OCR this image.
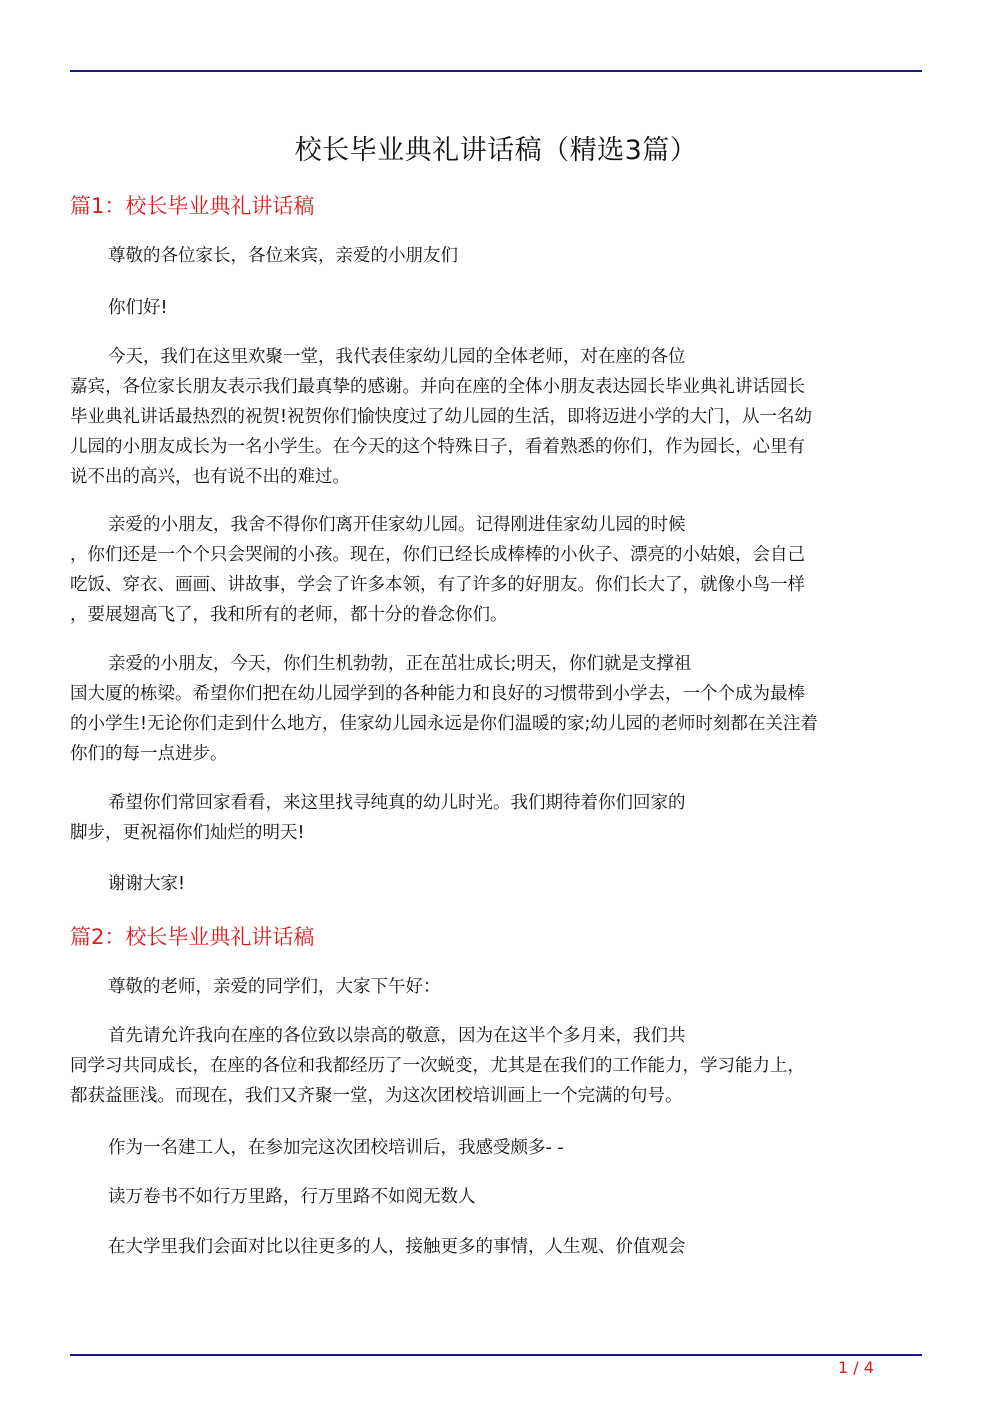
校长毕业典礼讲话稿（精选3篇）
篇1：校长毕业典礼讲话稿
尊敬的各位家长，各位来宾，亲爱的小朋友们
你们好!
今天，我们在这里欢聚一堂，我代表佳家幼儿园的全体老师，对在座的各位
嘉宾，各位家长朋友表示我们最真挚的感谢。并向在座的全体小朋友表达园长毕业典礼讲话园长
毕业典礼讲话最热烈的祝贺!祝贺你们愉快度过了幼儿园的生活，即将迈进小学的大门，从一名幼
儿园的小朋友成长为一名小学生。在今天的这个特殊日子，看着熟悉的你们，作为园长，心里有
说不出的高兴，也有说不出的难过。
亲爱的小朋友，我舍不得你们离开佳家幼儿园。记得刚进佳家幼儿园的时候
，你们还是一个个只会哭闹的小孩。现在，你们已经长成棒棒的小伙子、漂亮的小姑娘，会自己
吃饭、穿衣、画画、讲故事，学会了许多本领，有了许多的好朋友。你们长大了，就像小鸟一样
，要展翅高飞了，我和所有的老师，都十分的眷念你们。
亲爱的小朋友，今天，你们生机勃勃，正在茁壮成长;明天，你们就是支撑祖
国大厦的栋梁。希望你们把在幼儿园学到的各种能力和良好的习惯带到小学去，一个个成为最棒
的小学生!无论你们走到什么地方，佳家幼儿园永远是你们温暖的家;幼儿园的老师时刻都在关注着
你们的每一点进步。
希望你们常回家看看，来这里找寻纯真的幼儿时光。我们期待着你们回家的
脚步，更祝福你们灿烂的明天!
谢谢大家!
篇2：校长毕业典礼讲话稿
尊敬的老师，亲爱的同学们，大家下午好：
首先请允许我向在座的各位致以崇高的敬意，因为在这半个多月来，我们共
同学习共同成长，在座的各位和我都经历了一次蜕变，尤其是在我们的工作能力，学习能力上，
都获益匪浅。而现在，我们又齐聚一堂，为这次团校培训画上一个完满的句号。
作为一名建工人，在参加完这次团校培训后，我感受颇多- -
读万卷书不如行万里路，行万里路不如阅无数人
在大学里我们会面对比以往更多的人，接触更多的事情，人生观、价值观会
1 / 4
